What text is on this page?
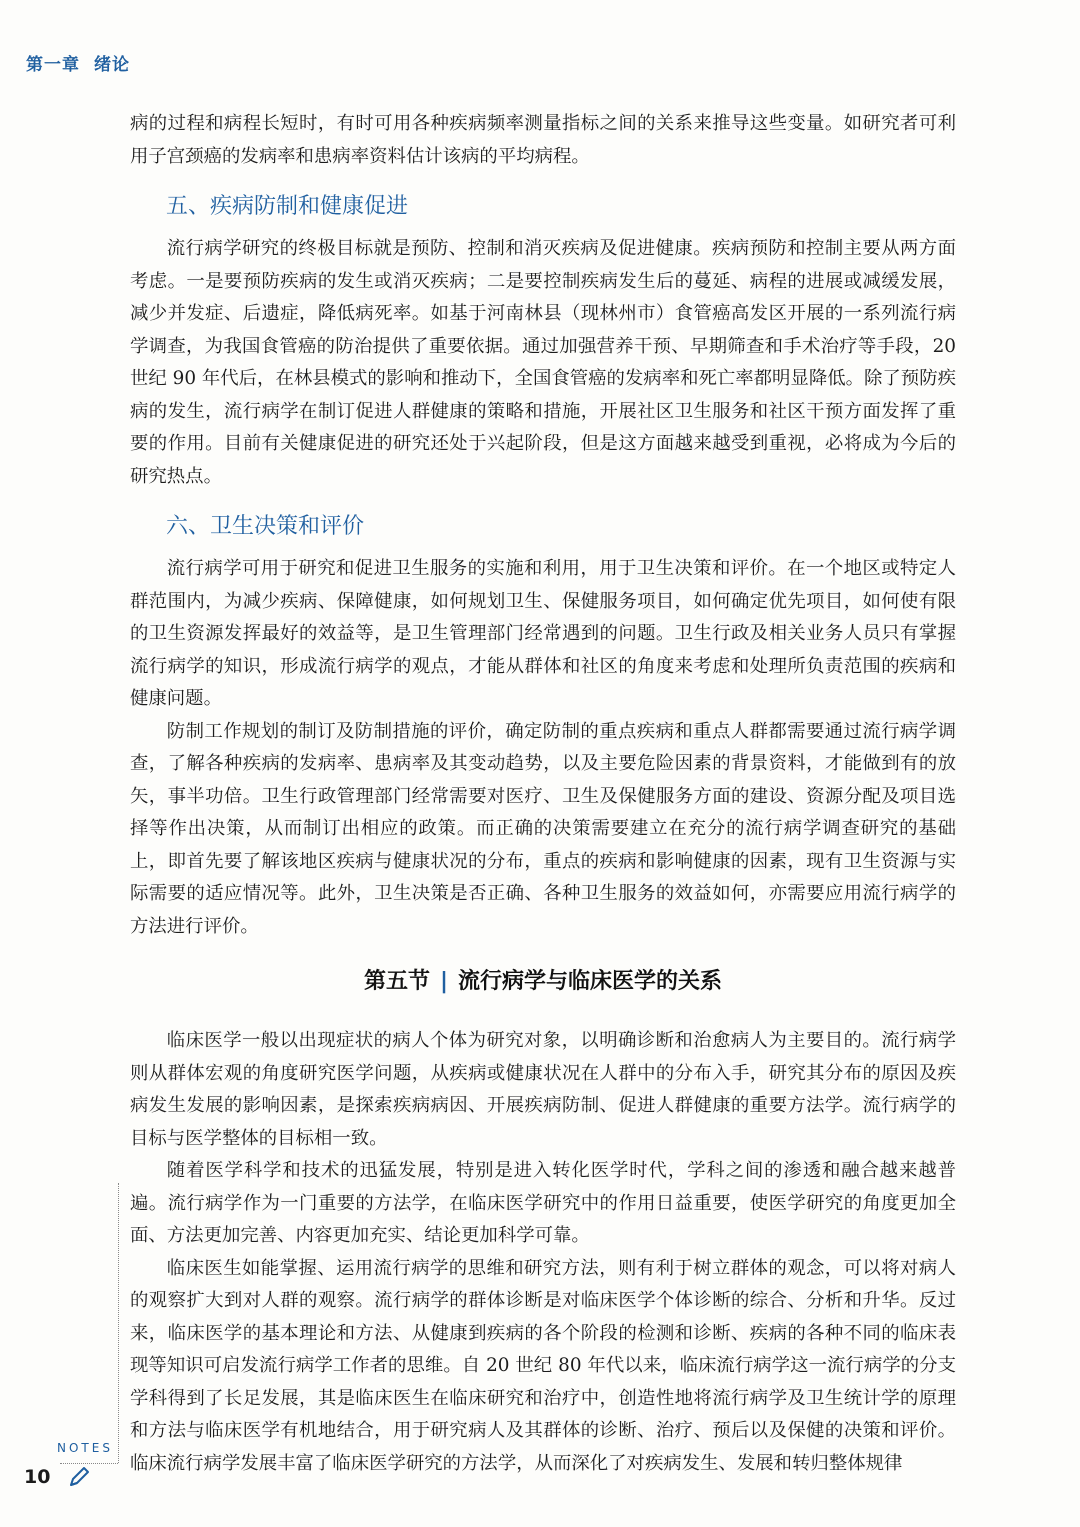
第一章 绪论

病的过程和病程长短时，有时可用各种疾病频率测量指标之间的关系来推导这些变量。如研究者可利用子宫颈癌的发病率和患病率资料估计该病的平均病程。

五、疾病防制和健康促进

流行病学研究的终极目标就是预防、控制和消灭疾病及促进健康。疾病预防和控制主要从两方面考虑。一是要预防疾病的发生或消灭疾病；二是要控制疾病发生后的蔓延、病程的进展或减缓发展，减少并发症、后遗症，降低病死率。如基于河南林县（现林州市）食管癌高发区开展的一系列流行病学调查，为我国食管癌的防治提供了重要依据。通过加强营养干预、早期筛查和手术治疗等手段，20 世纪 90 年代后，在林县模式的影响和推动下，全国食管癌的发病率和死亡率都明显降低。除了预防疾病的发生，流行病学在制订促进人群健康的策略和措施，开展社区卫生服务和社区干预方面发挥了重要的作用。目前有关健康促进的研究还处于兴起阶段，但是这方面越来越受到重视，必将成为今后的研究热点。

六、卫生决策和评价

流行病学可用于研究和促进卫生服务的实施和利用，用于卫生决策和评价。在一个地区或特定人群范围内，为减少疾病、保障健康，如何规划卫生、保健服务项目，如何确定优先项目，如何使有限的卫生资源发挥最好的效益等，是卫生管理部门经常遇到的问题。卫生行政及相关业务人员只有掌握流行病学的知识，形成流行病学的观点，才能从群体和社区的角度来考虑和处理所负责范围的疾病和健康问题。

防制工作规划的制订及防制措施的评价，确定防制的重点疾病和重点人群都需要通过流行病学调查，了解各种疾病的发病率、患病率及其变动趋势，以及主要危险因素的背景资料，才能做到有的放矢，事半功倍。卫生行政管理部门经常需要对医疗、卫生及保健服务方面的建设、资源分配及项目选择等作出决策，从而制订出相应的政策。而正确的决策需要建立在充分的流行病学调查研究的基础上，即首先要了解该地区疾病与健康状况的分布，重点的疾病和影响健康的因素，现有卫生资源与实际需要的适应情况等。此外，卫生决策是否正确、各种卫生服务的效益如何，亦需要应用流行病学的方法进行评价。

第五节 | 流行病学与临床医学的关系

临床医学一般以出现症状的病人个体为研究对象，以明确诊断和治愈病人为主要目的。流行病学则从群体宏观的角度研究医学问题，从疾病或健康状况在人群中的分布入手，研究其分布的原因及疾病发生发展的影响因素，是探索疾病病因、开展疾病防制、促进人群健康的重要方法学。流行病学的目标与医学整体的目标相一致。

随着医学科学和技术的迅猛发展，特别是进入转化医学时代，学科之间的渗透和融合越来越普遍。流行病学作为一门重要的方法学，在临床医学研究中的作用日益重要，使医学研究的角度更加全面、方法更加完善、内容更加充实、结论更加科学可靠。

临床医生如能掌握、运用流行病学的思维和研究方法，则有利于树立群体的观念，可以将对病人的观察扩大到对人群的观察。流行病学的群体诊断是对临床医学个体诊断的综合、分析和升华。反过来，临床医学的基本理论和方法、从健康到疾病的各个阶段的检测和诊断、疾病的各种不同的临床表现等知识可启发流行病学工作者的思维。自 20 世纪 80 年代以来，临床流行病学这一流行病学的分支学科得到了长足发展，其是临床医生在临床研究和治疗中，创造性地将流行病学及卫生统计学的原理和方法与临床医学有机地结合，用于研究病人及其群体的诊断、治疗、预后以及保健的决策和评价。临床流行病学发展丰富了临床医学研究的方法学，从而深化了对疾病发生、发展和转归整体规律

NOTES
10
